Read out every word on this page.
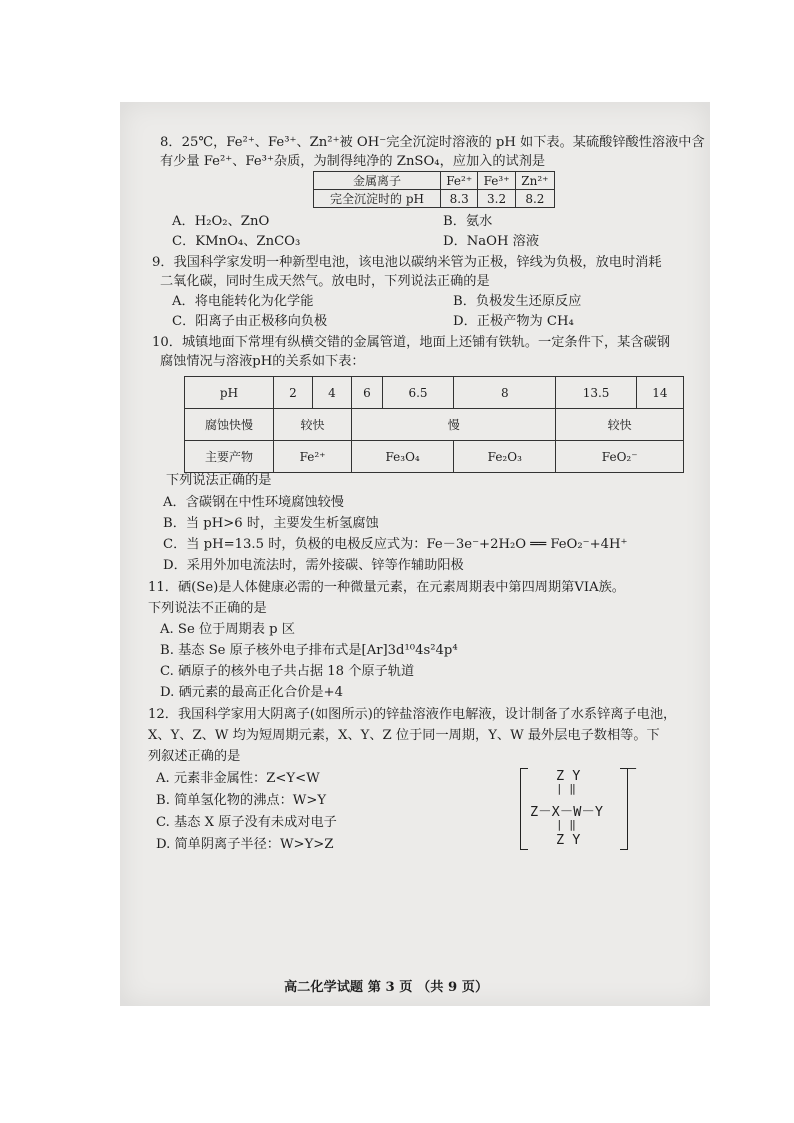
8．25℃，Fe²⁺、Fe³⁺、Zn²⁺被 OH⁻完全沉淀时溶液的 pH 如下表。某硫酸锌酸性溶液中含
有少量 Fe²⁺、Fe³⁺杂质，为制得纯净的 ZnSO₄，应加入的试剂是
金属离子	Fe²⁺	Fe³⁺	Zn²⁺
完全沉淀时的 pH	8.3	3.2	8.2
A．H₂O₂、ZnO	B．氨水
C．KMnO₄、ZnCO₃	D．NaOH 溶液
9．我国科学家发明一种新型电池，该电池以碳纳米管为正极，锌线为负极，放电时消耗
二氧化碳，同时生成天然气。放电时，下列说法正确的是
A．将电能转化为化学能	B．负极发生还原反应
C．阳离子由正极移向负极	D．正极产物为 CH₄
10．城镇地面下常埋有纵横交错的金属管道，地面上还铺有铁轨。一定条件下，某含碳钢
腐蚀情况与溶液pH的关系如下表：
pH	2	4	6	6.5	8	13.5	14
腐蚀快慢	较快		慢			较快	
主要产物	Fe²⁺		Fe₃O₄		Fe₂O₃	FeO₂⁻	
下列说法正确的是
A．含碳钢在中性环境腐蚀较慢
B．当 pH>6 时，主要发生析氢腐蚀
C．当 pH=13.5 时，负极的电极反应式为：Fe－3e⁻+2H₂O ══ FeO₂⁻+4H⁺
D．采用外加电流法时，需外接碳、锌等作辅助阳极
11．硒(Se)是人体健康必需的一种微量元素，在元素周期表中第四周期第VIA族。
下列说法不正确的是
A. Se 位于周期表 p 区
B. 基态 Se 原子核外电子排布式是[Ar]3d¹⁰4s²4p⁴
C. 硒原子的核外电子共占据 18 个原子轨道
D. 硒元素的最高正化合价是+4
12．我国科学家用大阴离子(如图所示)的锌盐溶液作电解液，设计制备了水系锌离子电池，
X、Y、Z、W 均为短周期元素，X、Y、Z 位于同一周期，Y、W 最外层电子数相等。下
列叙述正确的是
A. 元素非金属性：Z<Y<W
B. 简单氢化物的沸点：W>Y
C. 基态 X 原子没有未成对电子
D. 简单阴离子半径：W>Y>Z
Z Y
| ‖
Z－X－W－Y
| ‖
Z Y
—
高二化学试题 第 3 页 （共 9 页）
